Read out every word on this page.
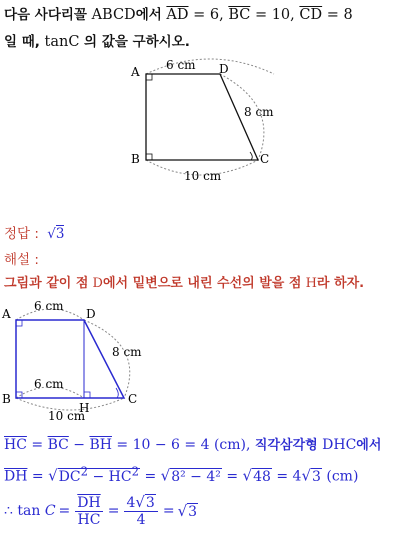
다음 사다리꼴 ABCD에서 $\overline{AD} = 6$, $\overline{BC} = 10$, $\overline{CD} = 8$
일 때, tanC 의 값을 구하시오.
A	D
B	C
6 cm
8 cm
10 cm
정답 : √3
해설 :
그림과 같이 점 D에서 밑변으로 내린 수선의 발을 점 H라 하자.
A	D
B
H
C
6 cm
6 cm
8 cm
10 cm
$\overline{HC} = \overline{BC} - \overline{BH} = 10 - 6 = 4$ (cm), 직각삼각형 DHC에서
$\overline{DH} = √DC^2 - \overline{HC}^2 = √8^2 - 4^2 = √48 = 4√3$ (cm)
∴ tan
$C = \frac{\overline{DH}}{HC} = \frac{4√3}{4}$ = √ 3
